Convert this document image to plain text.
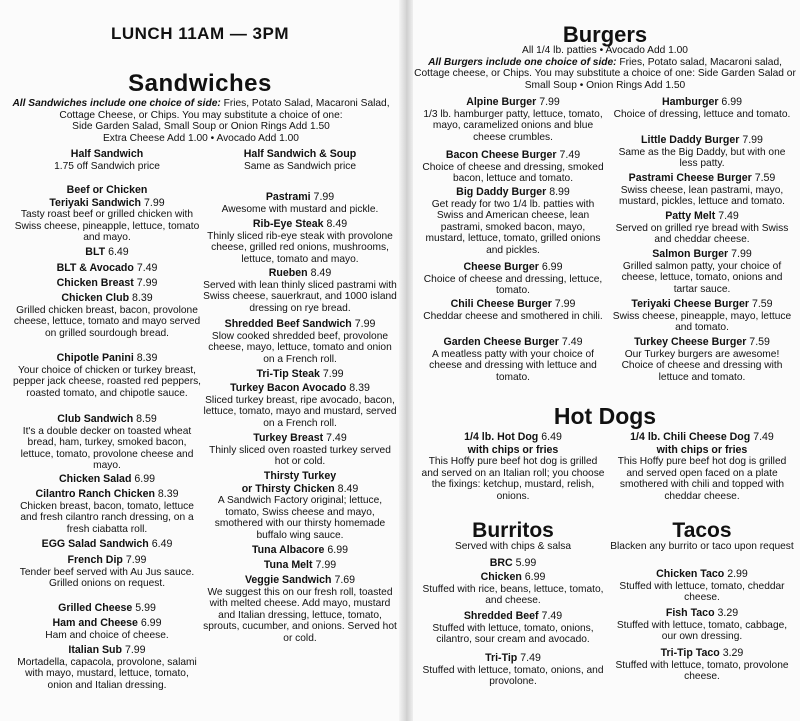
LUNCH 11AM — 3PM
Sandwiches
All Sandwiches include one choice of side: Fries, Potato Salad, Macaroni Salad, Cottage Cheese, or Chips. You may substitute a choice of one:
Side Garden Salad, Small Soup or Onion Rings Add 1.50
Extra Cheese Add 1.00 • Avocado Add 1.00
Half Sandwich
1.75 off Sandwich price
Half Sandwich & Soup
Same as Sandwich price
Beef or Chicken
Teriyaki Sandwich 7.99
Tasty roast beef or grilled chicken with Swiss cheese, pineapple, lettuce, tomato and mayo.
BLT 6.49
BLT & Avocado 7.49
Chicken Breast 7.99
Chicken Club 8.39
Grilled chicken breast, bacon, provolone cheese, lettuce, tomato and mayo served on grilled sourdough bread.
Chipotle Panini 8.39
Your choice of chicken or turkey breast, pepper jack cheese, roasted red peppers, roasted tomato, and chipotle sauce.
Club Sandwich 8.59
It's a double decker on toasted wheat bread, ham, turkey, smoked bacon, lettuce, tomato, provolone cheese and mayo.
Chicken Salad 6.99
Cilantro Ranch Chicken 8.39
Chicken breast, bacon, tomato, lettuce and fresh cilantro ranch dressing, on a fresh ciabatta roll.
EGG Salad Sandwich 6.49
French Dip 7.99
Tender beef served with Au Jus sauce. Grilled onions on request.
Grilled Cheese 5.99
Ham and Cheese 6.99
Ham and choice of cheese.
Italian Sub 7.99
Mortadella, capacola, provolone, salami with mayo, mustard, lettuce, tomato, onion and Italian dressing.
Pastrami 7.99
Awesome with mustard and pickle.
Rib-Eye Steak 8.49
Thinly sliced rib-eye steak with provolone cheese, grilled red onions, mushrooms, lettuce, tomato and mayo.
Rueben 8.49
Served with lean thinly sliced pastrami with Swiss cheese, sauerkraut, and 1000 island dressing on rye bread.
Shredded Beef Sandwich 7.99
Slow cooked shredded beef, provolone cheese, mayo, lettuce, tomato and onion on a French roll.
Tri-Tip Steak 7.99
Turkey Bacon Avocado 8.39
Sliced turkey breast, ripe avocado, bacon, lettuce, tomato, mayo and mustard, served on a French roll.
Turkey Breast 7.49
Thinly sliced oven roasted turkey served hot or cold.
Thirsty Turkey
or Thirsty Chicken 8.49
A Sandwich Factory original; lettuce, tomato, Swiss cheese and mayo, smothered with our thirsty homemade buffalo wing sauce.
Tuna Albacore 6.99
Tuna Melt 7.99
Veggie Sandwich 7.69
We suggest this on our fresh roll, toasted with melted cheese. Add mayo, mustard and Italian dressing, lettuce, tomato, sprouts, cucumber, and onions. Served hot or cold.
Burgers
All 1/4 lb. patties • Avocado Add 1.00
All Burgers include one choice of side: Fries, Potato salad, Macaroni salad, Cottage cheese, or Chips. You may substitute a choice of one: Side Garden Salad or Small Soup • Onion Rings Add 1.50
Alpine Burger 7.99
1/3 lb. hamburger patty, lettuce, tomato, mayo, caramelized onions and blue cheese crumbles.
Bacon Cheese Burger 7.49
Choice of cheese and dressing, smoked bacon, lettuce and tomato.
Big Daddy Burger 8.99
Get ready for two 1/4 lb. patties with Swiss and American cheese, lean pastrami, smoked bacon, mayo, mustard, lettuce, tomato, grilled onions and pickles.
Cheese Burger 6.99
Choice of cheese and dressing, lettuce, tomato.
Chili Cheese Burger 7.99
Cheddar cheese and smothered in chili.
Garden Cheese Burger 7.49
A meatless patty with your choice of cheese and dressing with lettuce and tomato.
Hamburger 6.99
Choice of dressing, lettuce and tomato.
Little Daddy Burger 7.99
Same as the Big Daddy, but with one less patty.
Pastrami Cheese Burger 7.59
Swiss cheese, lean pastrami, mayo, mustard, pickles, lettuce and tomato.
Patty Melt 7.49
Served on grilled rye bread with Swiss and cheddar cheese.
Salmon Burger 7.99
Grilled salmon patty, your choice of cheese, lettuce, tomato, onions and tartar sauce.
Teriyaki Cheese Burger 7.59
Swiss cheese, pineapple, mayo, lettuce and tomato.
Turkey Cheese Burger 7.59
Our Turkey burgers are awesome! Choice of cheese and dressing with lettuce and tomato.
Hot Dogs
1/4 lb. Hot Dog 6.49
with chips or fries
This Hoffy pure beef hot dog is grilled and served on an Italian roll; you choose the fixings: ketchup, mustard, relish, onions.
1/4 lb. Chili Cheese Dog 7.49
with chips or fries
This Hoffy pure beef hot dog is grilled and served open faced on a plate smothered with chili and topped with cheddar cheese.
Burritos
Served with chips & salsa
BRC 5.99
Chicken 6.99
Stuffed with rice, beans, lettuce, tomato, and cheese.
Shredded Beef 7.49
Stuffed with lettuce, tomato, onions, cilantro, sour cream and avocado.
Tri-Tip 7.49
Stuffed with lettuce, tomato, onions, and provolone.
Tacos
Blacken any burrito or taco upon request
Chicken Taco 2.99
Stuffed with lettuce, tomato, cheddar cheese.
Fish Taco 3.29
Stuffed with lettuce, tomato, cabbage, our own dressing.
Tri-Tip Taco 3.29
Stuffed with lettuce, tomato, provolone cheese.
